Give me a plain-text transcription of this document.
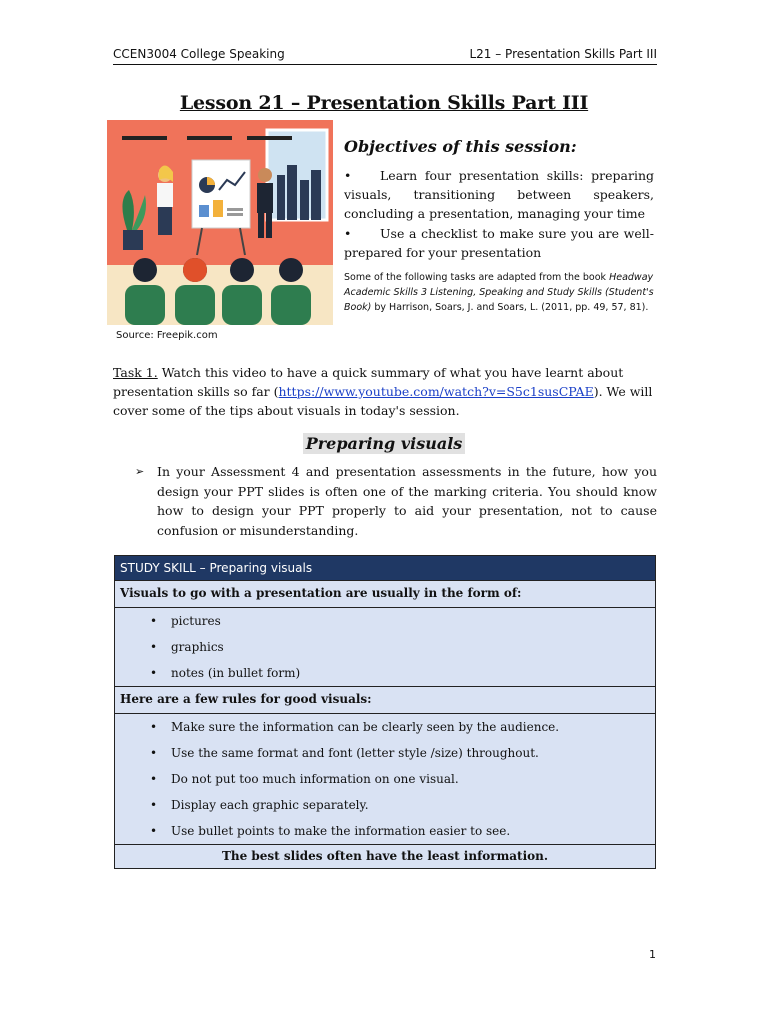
CCEN3004 College Speaking	L21 – Presentation Skills Part III
Lesson 21 – Presentation Skills Part III
Source: Freepik.com
Objectives of this session:
• Learn four presentation skills: preparing visuals, transitioning between speakers, concluding a presentation, managing your time
• Use a checklist to make sure you are well-prepared for your presentation
Some of the following tasks are adapted from the book Headway Academic Skills 3 Listening, Speaking and Study Skills (Student's Book) by Harrison, Soars, J. and Soars, L. (2011, pp. 49, 57, 81).
Task 1. Watch this video to have a quick summary of what you have learnt about presentation skills so far (https://www.youtube.com/watch?v=S5c1susCPAE). We will cover some of the tips about visuals in today's session.
Preparing visuals
➢ In your Assessment 4 and presentation assessments in the future, how you design your PPT slides is often one of the marking criteria. You should know how to design your PPT properly to aid your presentation, not to cause confusion or misunderstanding.
STUDY SKILL – Preparing visuals
Visuals to go with a presentation are usually in the form of:

• pictures
• graphics
• notes (in bullet form)

Here are a few rules for good visuals:

• Make sure the information can be clearly seen by the audience.
• Use the same format and font (letter style /size) throughout.
• Do not put too much information on one visual.
• Display each graphic separately.
• Use bullet points to make the information easier to see.

The best slides often have the least information.
1
